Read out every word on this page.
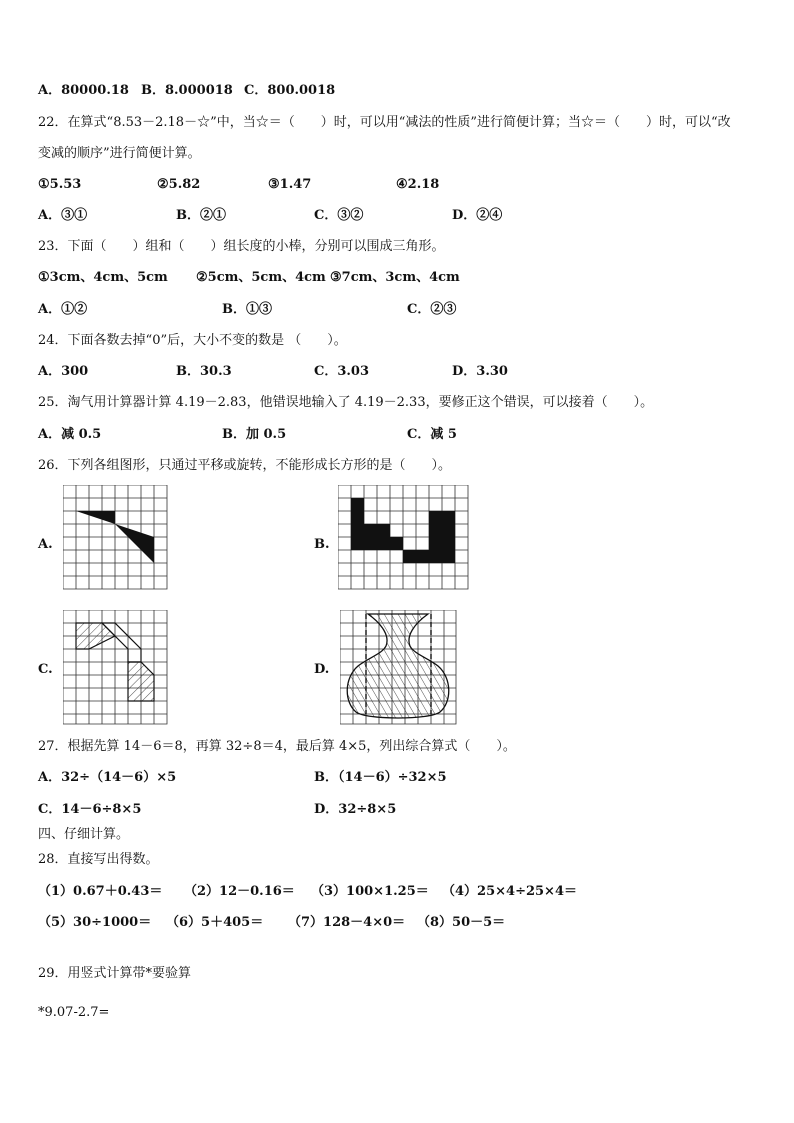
A．80000.18 B．8.000018 C．800.0018
22．在算式“8.53－2.18－☆”中，当☆＝（　　）时，可以用“减法的性质”进行简便计算；当☆＝（　　）时，可以“改
变减的顺序”进行简便计算。
①5.53	②5.82	③1.47	④2.18
A．③①	B．②①	C．③②	D．②④
23．下面（　　）组和（　　）组长度的小棒，分别可以围成三角形。
①3cm、4cm、5cm ②5cm、5cm、4cm ③7cm、3cm、4cm
A．①②	B．①③	C．②③
24．下面各数去掉“0”后，大小不变的数是 （　　）。
A．300	B．30.3	C．3.03	D．3.30
25．淘气用计算器计算 4.19－2.83，他错误地输入了 4.19－2.33，要修正这个错误，可以接着（　　）。
A．减 0.5	B．加 0.5	C．减 5
26．下列各组图形，只通过平移或旋转，不能形成长方形的是（　　）。
A.	B.
C.	D.
27．根据先算 14－6＝8，再算 32÷8＝4，最后算 4×5，列出综合算式（　　）。
A．32÷（14－6）×5	B．（14－6）÷32×5
C．14－6÷8×5	D．32÷8×5
四、仔细计算。
28．直接写出得数。
（1）0.67＋0.43＝ （2）12－0.16＝ （3）100×1.25＝ （4）25×4÷25×4＝
（5）30÷1000＝ （6）5＋405＝ （7）128－4×0＝ （8）50－5＝
29．用竖式计算带*要验算
*9.07-2.7=
